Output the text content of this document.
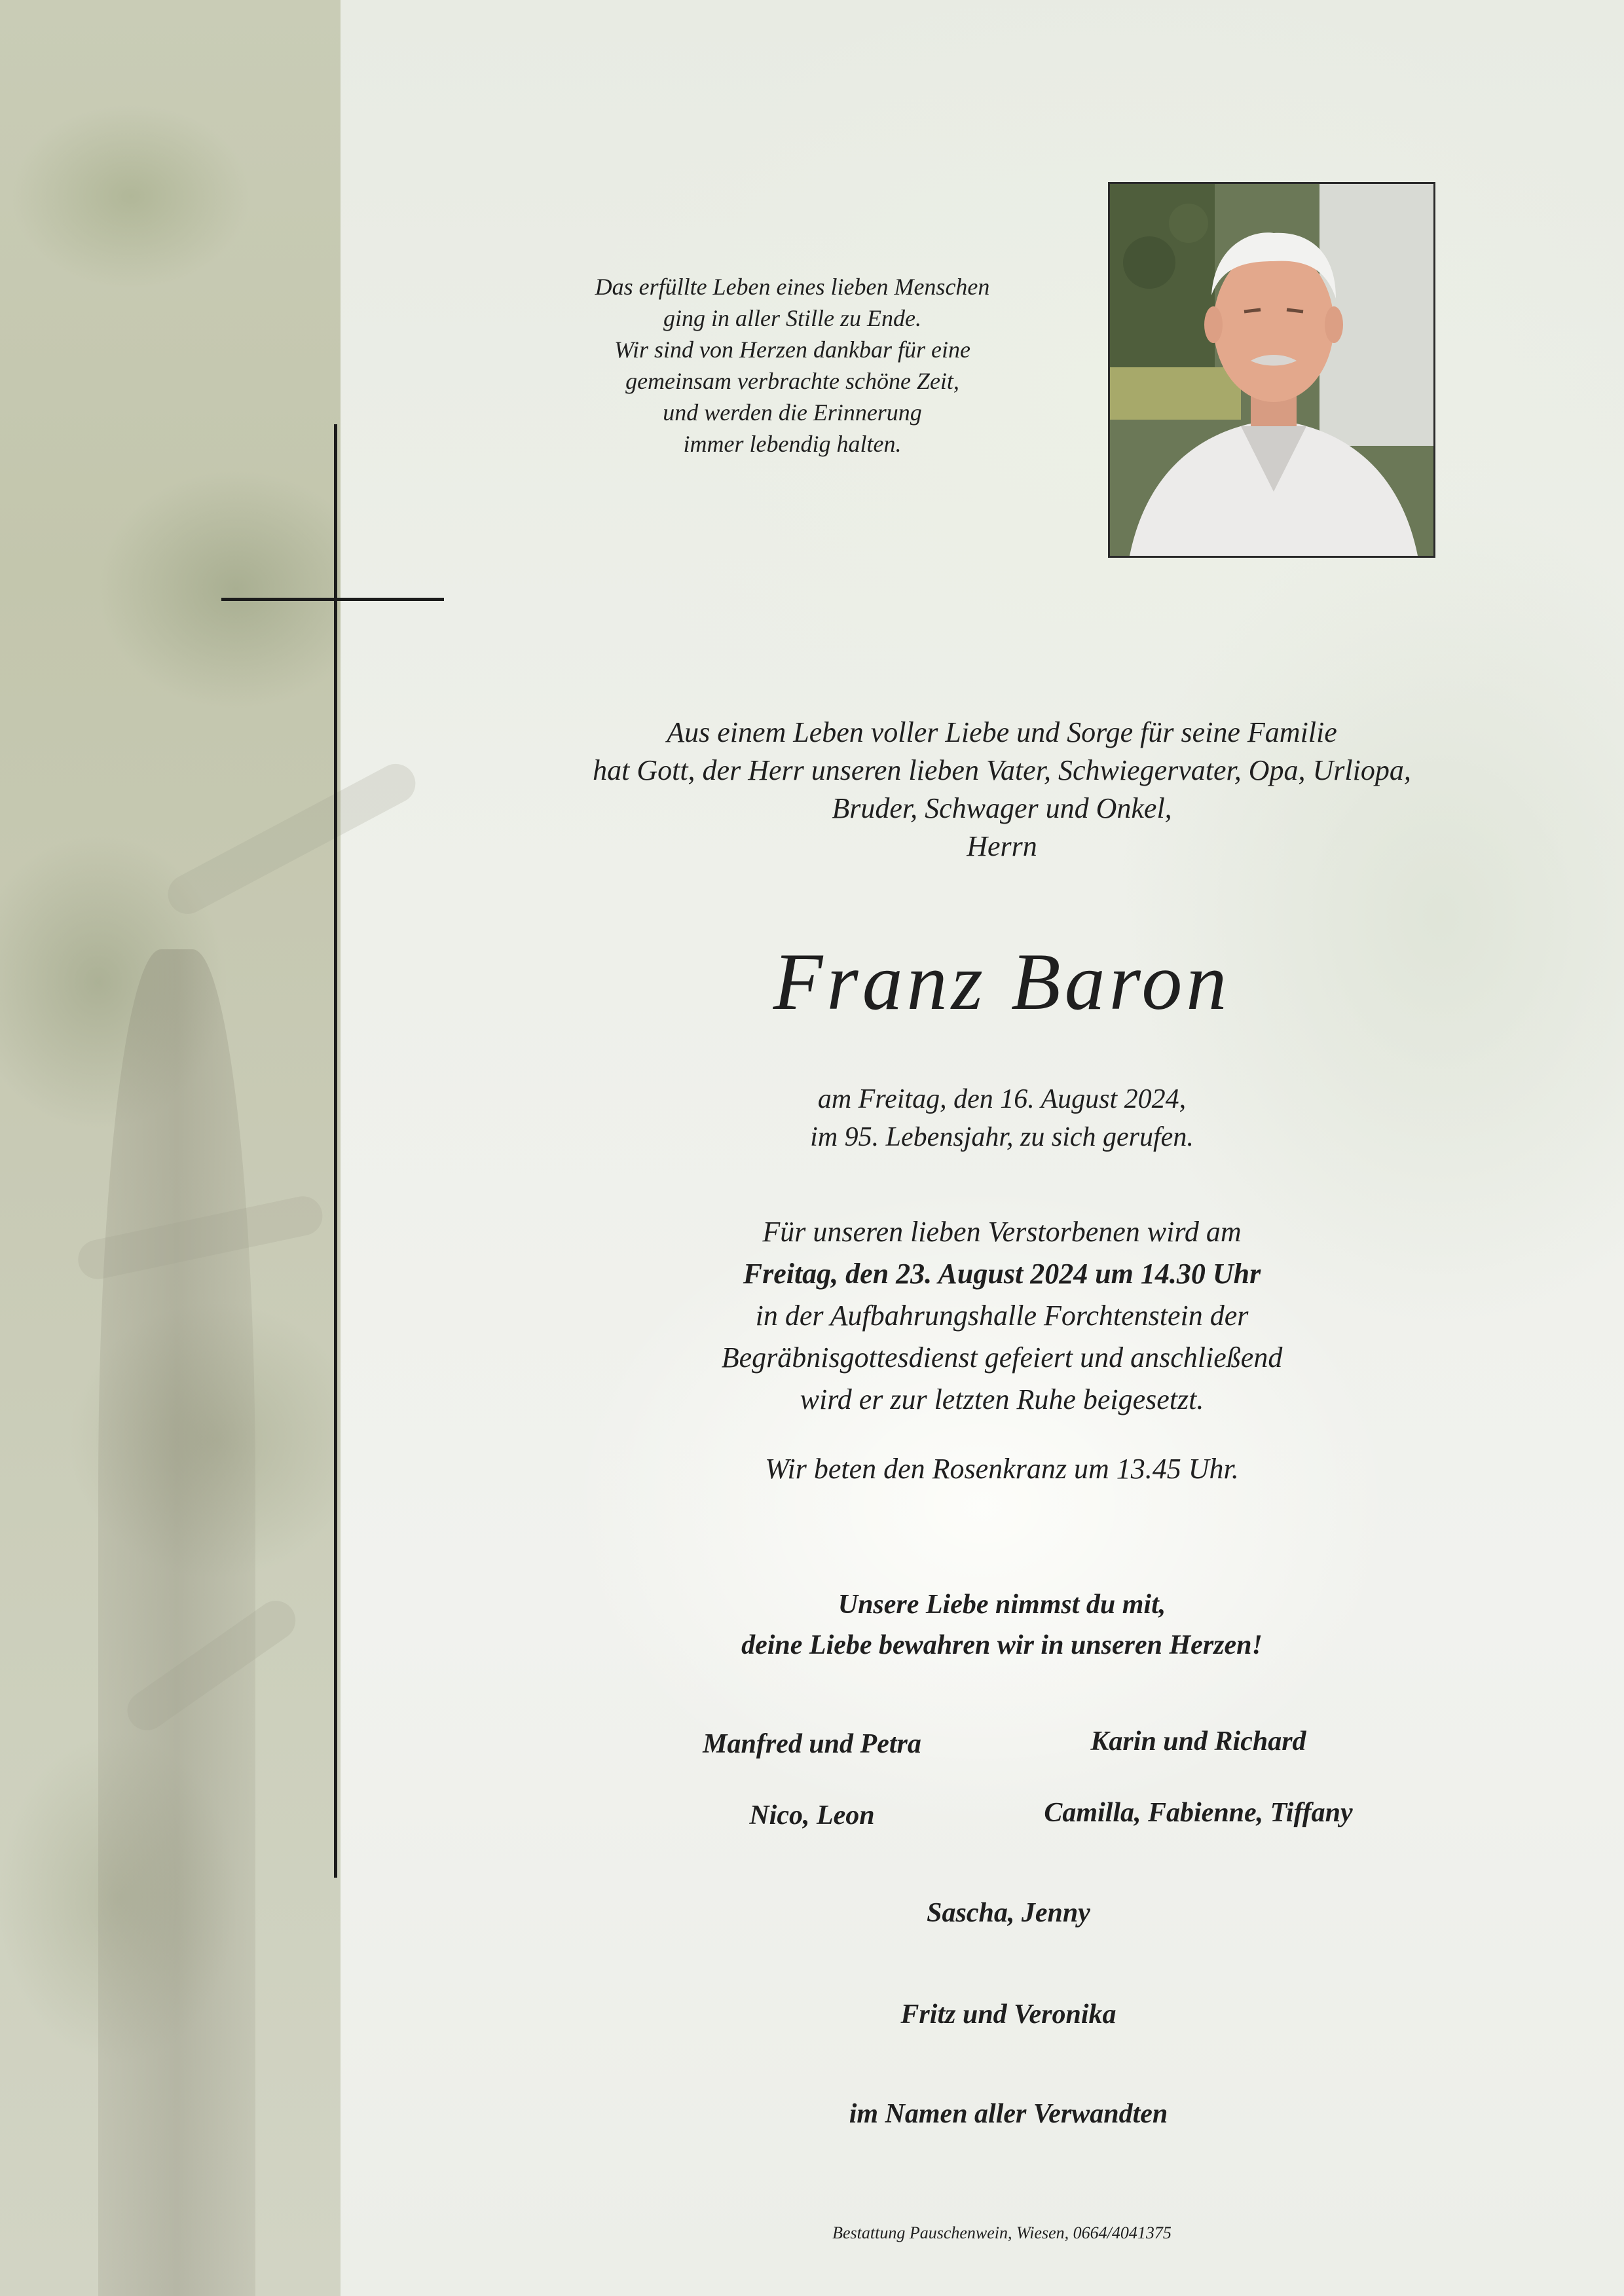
Das erfüllte Leben eines lieben Menschen
ging in aller Stille zu Ende.
Wir sind von Herzen dankbar für eine
gemeinsam verbrachte schöne Zeit,
und werden die Erinnerung
immer lebendig halten.
Aus einem Leben voller Liebe und Sorge für seine Familie
hat Gott, der Herr unseren lieben Vater, Schwiegervater, Opa, Urliopa,
Bruder, Schwager und Onkel,
Herrn
Franz Baron
am Freitag, den 16. August 2024,
im 95. Lebensjahr, zu sich gerufen.
Für unseren lieben Verstorbenen wird am
Freitag, den 23. August 2024 um 14.30 Uhr
in der Aufbahrungshalle Forchtenstein der
Begräbnisgottesdienst gefeiert und anschließend
wird er zur letzten Ruhe beigesetzt.
Wir beten den Rosenkranz um 13.45 Uhr.
Unsere Liebe nimmst du mit,
deine Liebe bewahren wir in unseren Herzen!
Manfred und Petra	Karin und Richard
Nico, Leon	Camilla, Fabienne, Tiffany
Sascha, Jenny
Fritz und Veronika
im Namen aller Verwandten
Bestattung Pauschenwein, Wiesen, 0664/4041375
